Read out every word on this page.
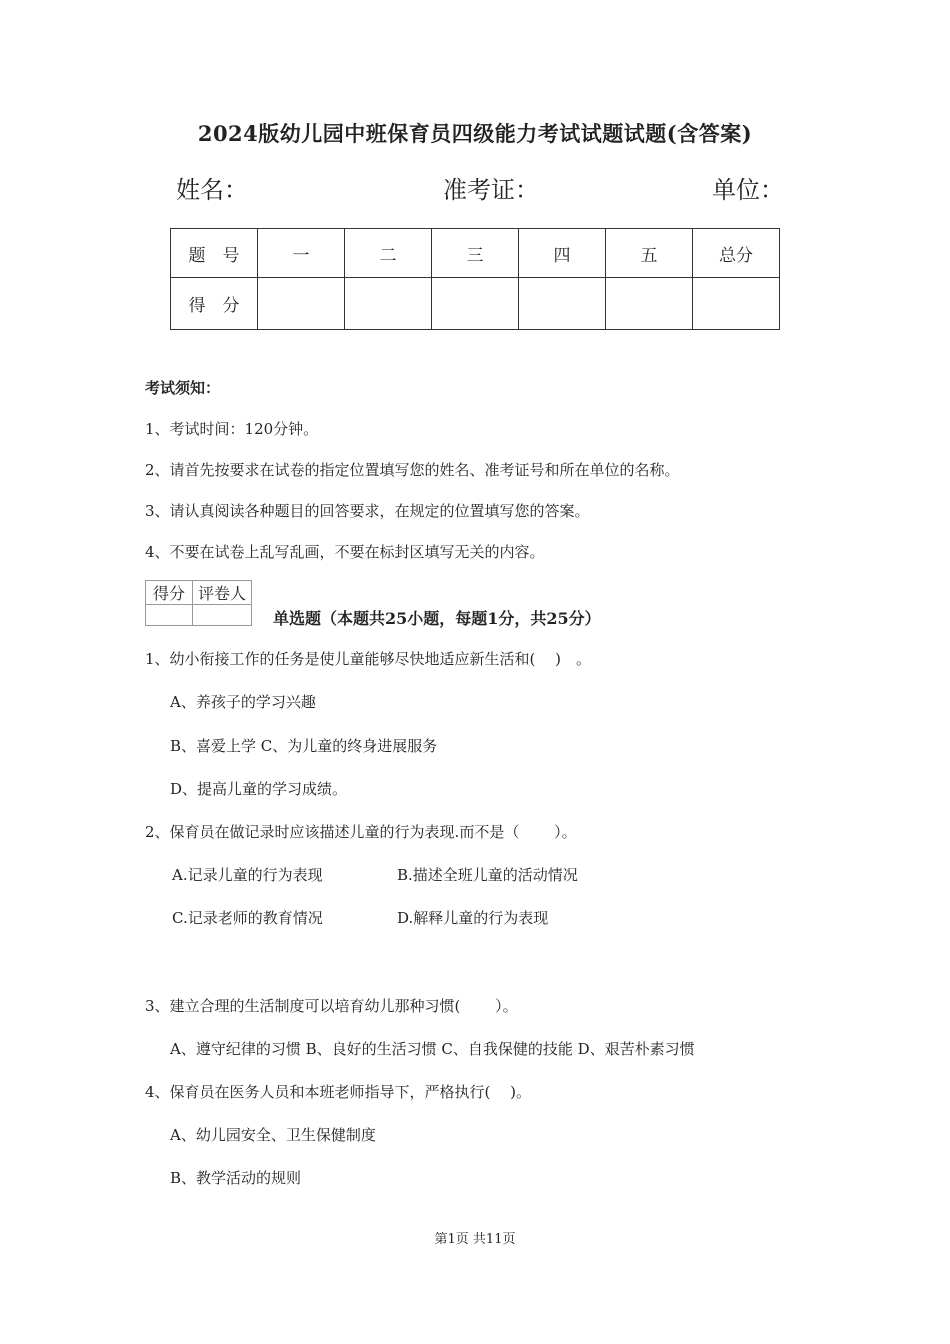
2024版幼儿园中班保育员四级能力考试试题试题(含答案)
姓名：	准考证：	单位：
题　号	一	二	三	四	五	总分
得　分						
考试须知：
1、考试时间：120分钟。
2、请首先按要求在试卷的指定位置填写您的姓名、准考证号和所在单位的名称。
3、请认真阅读各种题目的回答要求，在规定的位置填写您的答案。
4、不要在试卷上乱写乱画，不要在标封区填写无关的内容。
得分	评卷人

单选题（本题共25小题，每题1分，共25分）
1、幼小衔接工作的任务是使儿童能够尽快地适应新生活和(　 )　。
A、养孩子的学习兴趣
B、喜爱上学 C、为儿童的终身进展服务
D、提高儿童的学习成绩。
2、保育员在做记录时应该描述儿童的行为表现.而不是（　　 ）。
A.记录儿童的行为表现	B.描述全班儿童的活动情况
C.记录老师的教育情况	D.解释儿童的行为表现
3、建立合理的生活制度可以培育幼儿那种习惯(　　 ）。
A、遵守纪律的习惯 B、良好的生活习惯 C、自我保健的技能 D、艰苦朴素习惯
4、保育员在医务人员和本班老师指导下，严格执行(　 )。
A、幼儿园安全、卫生保健制度
B、教学活动的规则
第1页 共11页
